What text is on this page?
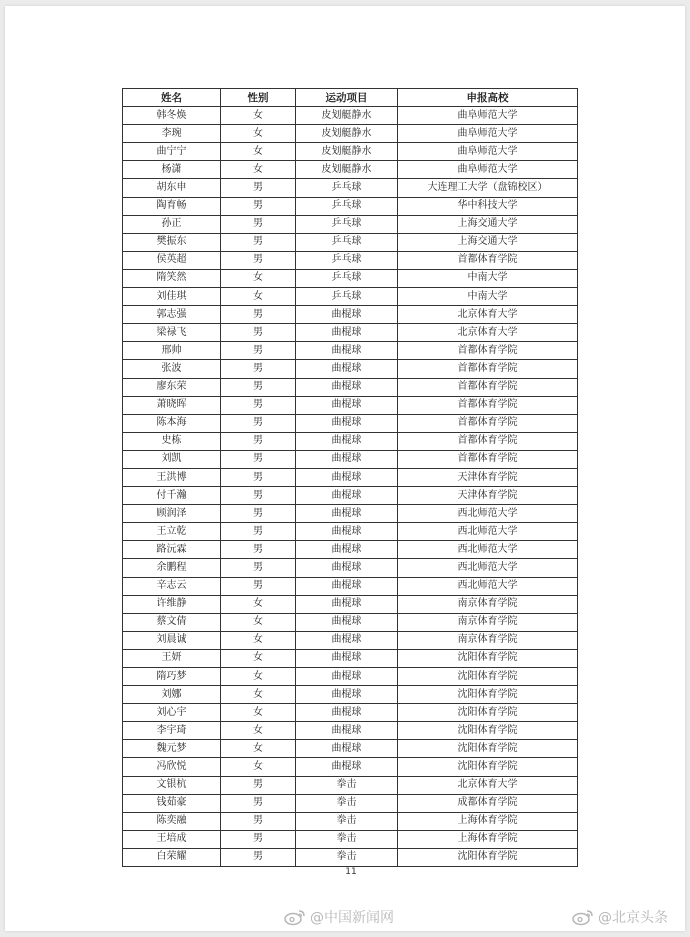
姓名	性别	运动项目	申报高校
韩冬焕	女	皮划艇静水	曲阜师范大学
李琬	女	皮划艇静水	曲阜师范大学
曲宁宁	女	皮划艇静水	曲阜师范大学
杨潇	女	皮划艇静水	曲阜师范大学
胡东申	男	乒乓球	大连理工大学（盘锦校区）
陶育畅	男	乒乓球	华中科技大学
孙正	男	乒乓球	上海交通大学
樊振东	男	乒乓球	上海交通大学
侯英超	男	乒乓球	首都体育学院
隋笑然	女	乒乓球	中南大学
刘佳琪	女	乒乓球	中南大学
郭志强	男	曲棍球	北京体育大学
梁禄飞	男	曲棍球	北京体育大学
邢帅	男	曲棍球	首都体育学院
张波	男	曲棍球	首都体育学院
廖东荣	男	曲棍球	首都体育学院
萧晓晖	男	曲棍球	首都体育学院
陈本海	男	曲棍球	首都体育学院
史栋	男	曲棍球	首都体育学院
刘凯	男	曲棍球	首都体育学院
王洪博	男	曲棍球	天津体育学院
付千瀚	男	曲棍球	天津体育学院
顾润泽	男	曲棍球	西北师范大学
王立乾	男	曲棍球	西北师范大学
路沅霖	男	曲棍球	西北师范大学
余鹏程	男	曲棍球	西北师范大学
辛志云	男	曲棍球	西北师范大学
许维静	女	曲棍球	南京体育学院
蔡文倩	女	曲棍球	南京体育学院
刘晨诚	女	曲棍球	南京体育学院
王妍	女	曲棍球	沈阳体育学院
隋巧梦	女	曲棍球	沈阳体育学院
刘娜	女	曲棍球	沈阳体育学院
刘心宇	女	曲棍球	沈阳体育学院
李宇琦	女	曲棍球	沈阳体育学院
魏元梦	女	曲棍球	沈阳体育学院
冯欣悦	女	曲棍球	沈阳体育学院
文银杭	男	拳击	北京体育大学
钱茹豪	男	拳击	成都体育学院
陈奕融	男	拳击	上海体育学院
王培成	男	拳击	上海体育学院
白荣耀	男	拳击	沈阳体育学院
11
@中国新闻网	@北京头条
